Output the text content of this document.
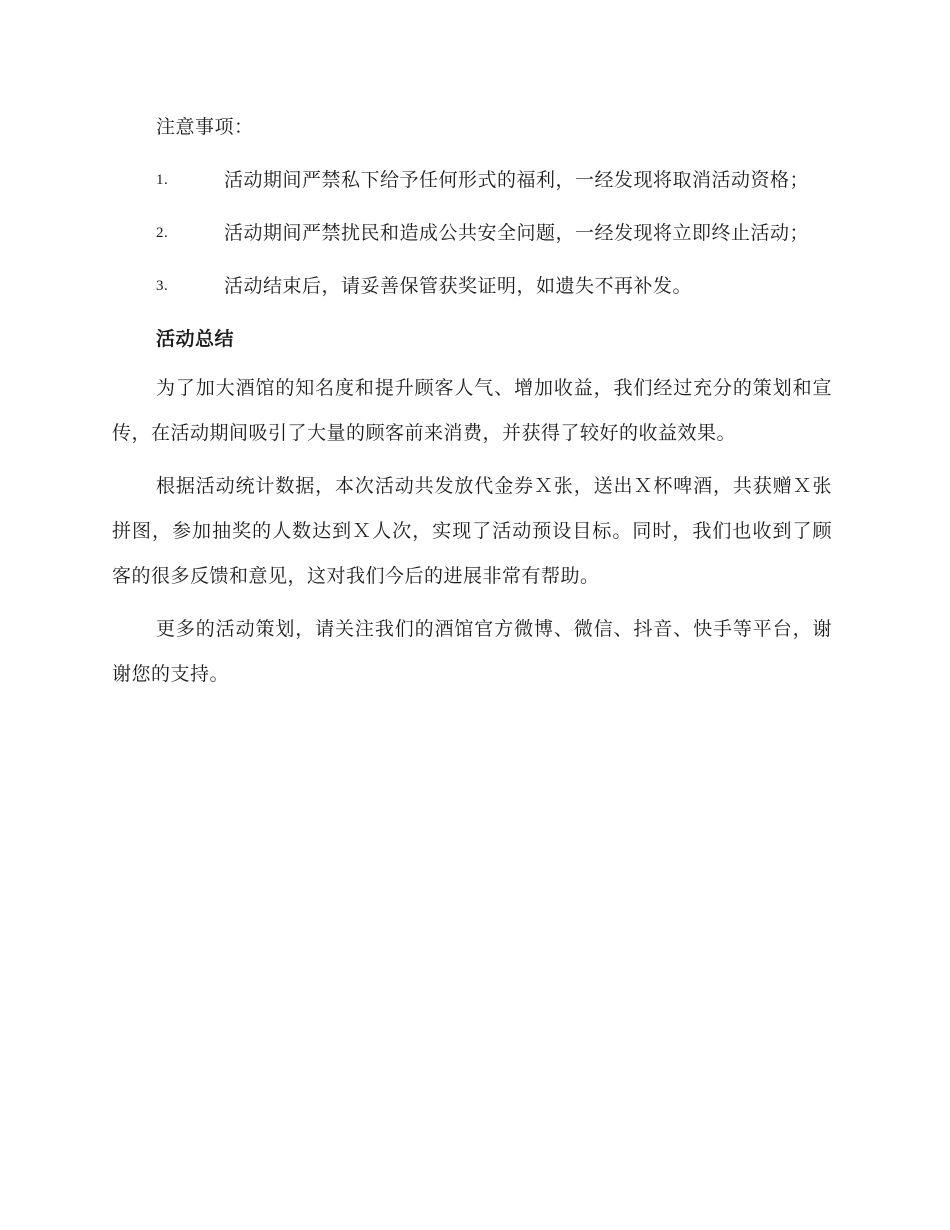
注意事项：

1.	活动期间严禁私下给予任何形式的福利，一经发现将取消活动资格；

2.	活动期间严禁扰民和造成公共安全问题，一经发现将立即终止活动；

3.	活动结束后，请妥善保管获奖证明，如遗失不再补发。

活动总结

为了加大酒馆的知名度和提升顾客人气、增加收益，我们经过充分的策划和宣传，在活动期间吸引了大量的顾客前来消费，并获得了较好的收益效果。

根据活动统计数据，本次活动共发放代金券Ｘ张，送出Ｘ杯啤酒，共获赠Ｘ张拼图，参加抽奖的人数达到Ｘ人次，实现了活动预设目标。同时，我们也收到了顾客的很多反馈和意见，这对我们今后的进展非常有帮助。

更多的活动策划，请关注我们的酒馆官方微博、微信、抖音、快手等平台，谢谢您的支持。
